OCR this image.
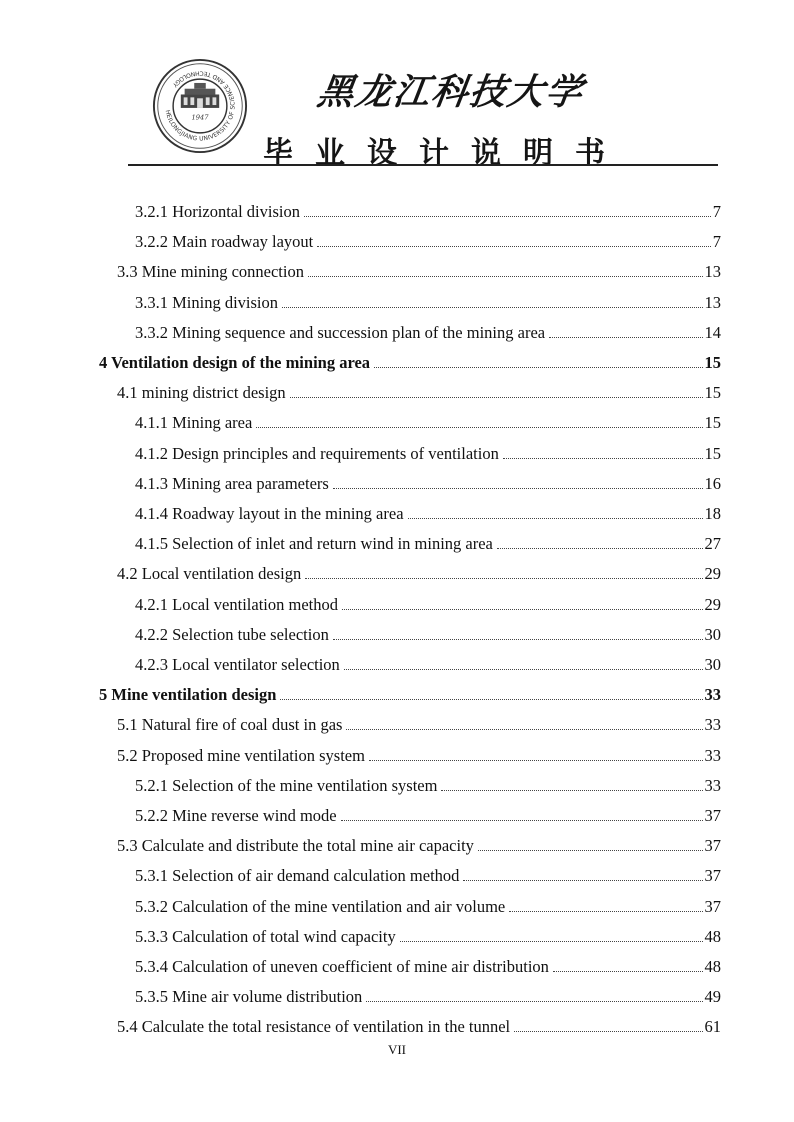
HEILONGJIANG UNIVERSITY OF SCIENCE AND TECHNOLOGY
1947
黑龙江科技大学
毕业设计说明书
3.2.1 Horizontal division	7
3.2.2 Main roadway layout	7
3.3 Mine mining connection	13
3.3.1 Mining division	13
3.3.2 Mining sequence and succession plan of the mining area	14
4 Ventilation design of the mining area	15
4.1 mining district design	15
4.1.1 Mining area	15
4.1.2 Design principles and requirements of ventilation	15
4.1.3 Mining area parameters	16
4.1.4 Roadway layout in the mining area	18
4.1.5 Selection of inlet and return wind in mining area	27
4.2 Local ventilation design	29
4.2.1 Local ventilation method	29
4.2.2 Selection tube selection	30
4.2.3 Local ventilator selection	30
5 Mine ventilation design	33
5.1 Natural fire of coal dust in gas	33
5.2 Proposed mine ventilation system	33
5.2.1 Selection of the mine ventilation system	33
5.2.2 Mine reverse wind mode	37
5.3 Calculate and distribute the total mine air capacity	37
5.3.1 Selection of air demand calculation method	37
5.3.2 Calculation of the mine ventilation and air volume	37
5.3.3 Calculation of total wind capacity	48
5.3.4 Calculation of uneven coefficient of mine air distribution	48
5.3.5 Mine air volume distribution	49
5.4 Calculate the total resistance of ventilation in the tunnel	61
VII
